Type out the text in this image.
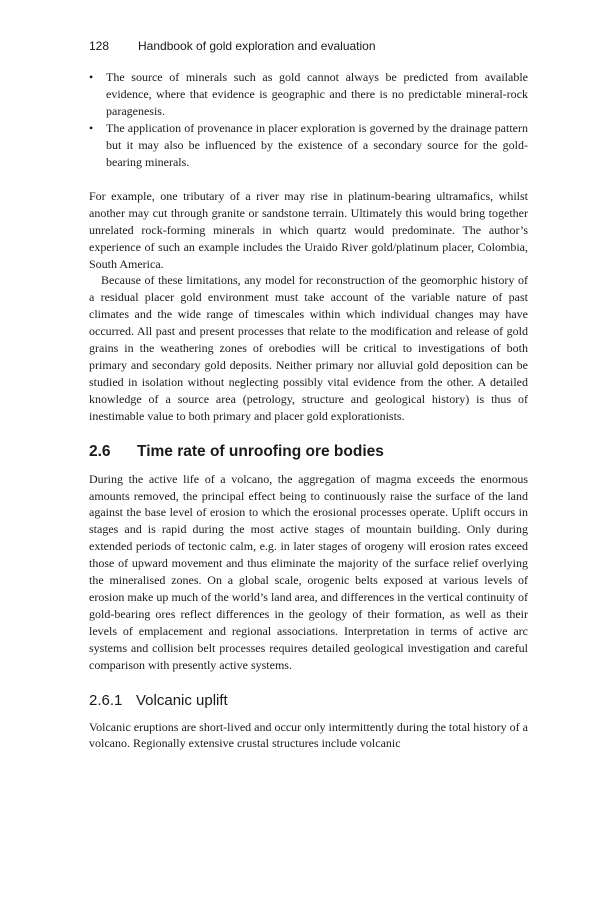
128 Handbook of gold exploration and evaluation
• The source of minerals such as gold cannot always be predicted from available evidence, where that evidence is geographic and there is no predictable mineral-rock paragenesis.
• The application of provenance in placer exploration is governed by the drainage pattern but it may also be influenced by the existence of a secondary source for the gold-bearing minerals.

For example, one tributary of a river may rise in platinum-bearing ultramafics, whilst another may cut through granite or sandstone terrain. Ultimately this would bring together unrelated rock-forming minerals in which quartz would predominate. The author’s experience of such an example includes the Uraido River gold/platinum placer, Colombia, South America.

Because of these limitations, any model for reconstruction of the geomorphic history of a residual placer gold environment must take account of the variable nature of past climates and the wide range of timescales within which individual changes may have occurred. All past and present processes that relate to the modification and release of gold grains in the weathering zones of orebodies will be critical to investigations of both primary and secondary gold deposits. Neither primary nor alluvial gold deposition can be studied in isolation without neglecting possibly vital evidence from the other. A detailed knowledge of a source area (petrology, structure and geological history) is thus of inestimable value to both primary and placer gold explorationists.

2.6 Time rate of unroofing ore bodies

During the active life of a volcano, the aggregation of magma exceeds the enormous amounts removed, the principal effect being to continuously raise the surface of the land against the base level of erosion to which the erosional processes operate. Uplift occurs in stages and is rapid during the most active stages of mountain building. Only during extended periods of tectonic calm, e.g. in later stages of orogeny will erosion rates exceed those of upward movement and thus eliminate the majority of the surface relief overlying the mineralised zones. On a global scale, orogenic belts exposed at various levels of erosion make up much of the world’s land area, and differences in the vertical continuity of gold-bearing ores reflect differences in the geology of their formation, as well as their levels of emplacement and regional associations. Interpretation in terms of active arc systems and collision belt processes requires detailed geological investigation and careful comparison with presently active systems.

2.6.1 Volcanic uplift

Volcanic eruptions are short-lived and occur only intermittently during the total history of a volcano. Regionally extensive crustal structures include volcanic
